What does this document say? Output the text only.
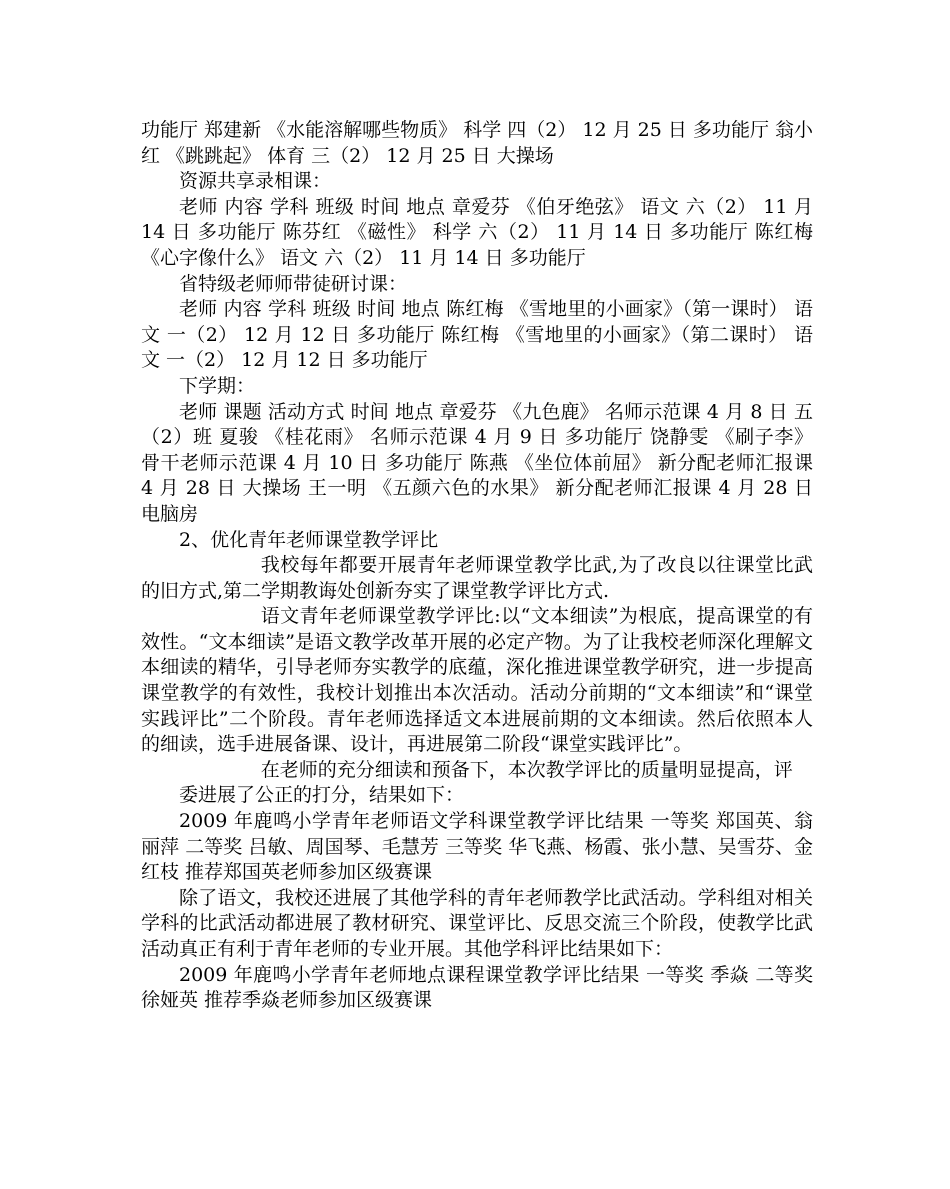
功能厅 郑建新 《水能溶解哪些物质》 科学 四（2） 12 月 25 日 多功能厅 翁小红 《跳跳起》 体育 三（2） 12 月 25 日 大操场

资源共享录相课：

老师 内容 学科 班级 时间 地点 章爱芬 《伯牙绝弦》 语文 六（2） 11 月 14 日 多功能厅 陈芬红 《磁性》 科学 六（2） 11 月 14 日 多功能厅 陈红梅 《心字像什么》 语文 六（2） 11 月 14 日 多功能厅

省特级老师师带徒研讨课：

老师 内容 学科 班级 时间 地点 陈红梅 《雪地里的小画家》（第一课时） 语文 一（2） 12 月 12 日 多功能厅 陈红梅 《雪地里的小画家》（第二课时） 语文 一（2） 12 月 12 日 多功能厅

下学期：

老师 课题 活动方式 时间 地点 章爱芬 《九色鹿》 名师示范课 4 月 8 日 五（2）班 夏骏 《桂花雨》 名师示范课 4 月 9 日 多功能厅 饶静雯 《刷子李》 骨干老师示范课 4 月 10 日 多功能厅 陈燕 《坐位体前屈》 新分配老师汇报课 4 月 28 日 大操场 王一明 《五颜六色的水果》 新分配老师汇报课 4 月 28 日 电脑房

2、优化青年老师课堂教学评比

我校每年都要开展青年老师课堂教学比武,为了改良以往课堂比武的旧方式,第二学期教诲处创新夯实了课堂教学评比方式.

语文青年老师课堂教学评比:以“文本细读”为根底，提高课堂的有效性。“文本细读”是语文教学改革开展的必定产物。为了让我校老师深化理解文本细读的精华，引导老师夯实教学的底蕴，深化推进课堂教学研究，进一步提高课堂教学的有效性，我校计划推出本次活动。活动分前期的“文本细读”和“课堂实践评比”二个阶段。青年老师选择适文本进展前期的文本细读。然后依照本人的细读，选手进展备课、设计，再进展第二阶段“课堂实践评比”。

在老师的充分细读和预备下，本次教学评比的质量明显提高，评

委进展了公正的打分，结果如下：

2009 年鹿鸣小学青年老师语文学科课堂教学评比结果 一等奖 郑国英、翁丽萍 二等奖 吕敏、周国琴、毛慧芳 三等奖 华飞燕、杨霞、张小慧、吴雪芬、金红枝 推荐郑国英老师参加区级赛课

除了语文，我校还进展了其他学科的青年老师教学比武活动。学科组对相关学科的比武活动都进展了教材研究、课堂评比、反思交流三个阶段，使教学比武活动真正有利于青年老师的专业开展。其他学科评比结果如下：

2009 年鹿鸣小学青年老师地点课程课堂教学评比结果 一等奖 季焱 二等奖 徐娅英 推荐季焱老师参加区级赛课
